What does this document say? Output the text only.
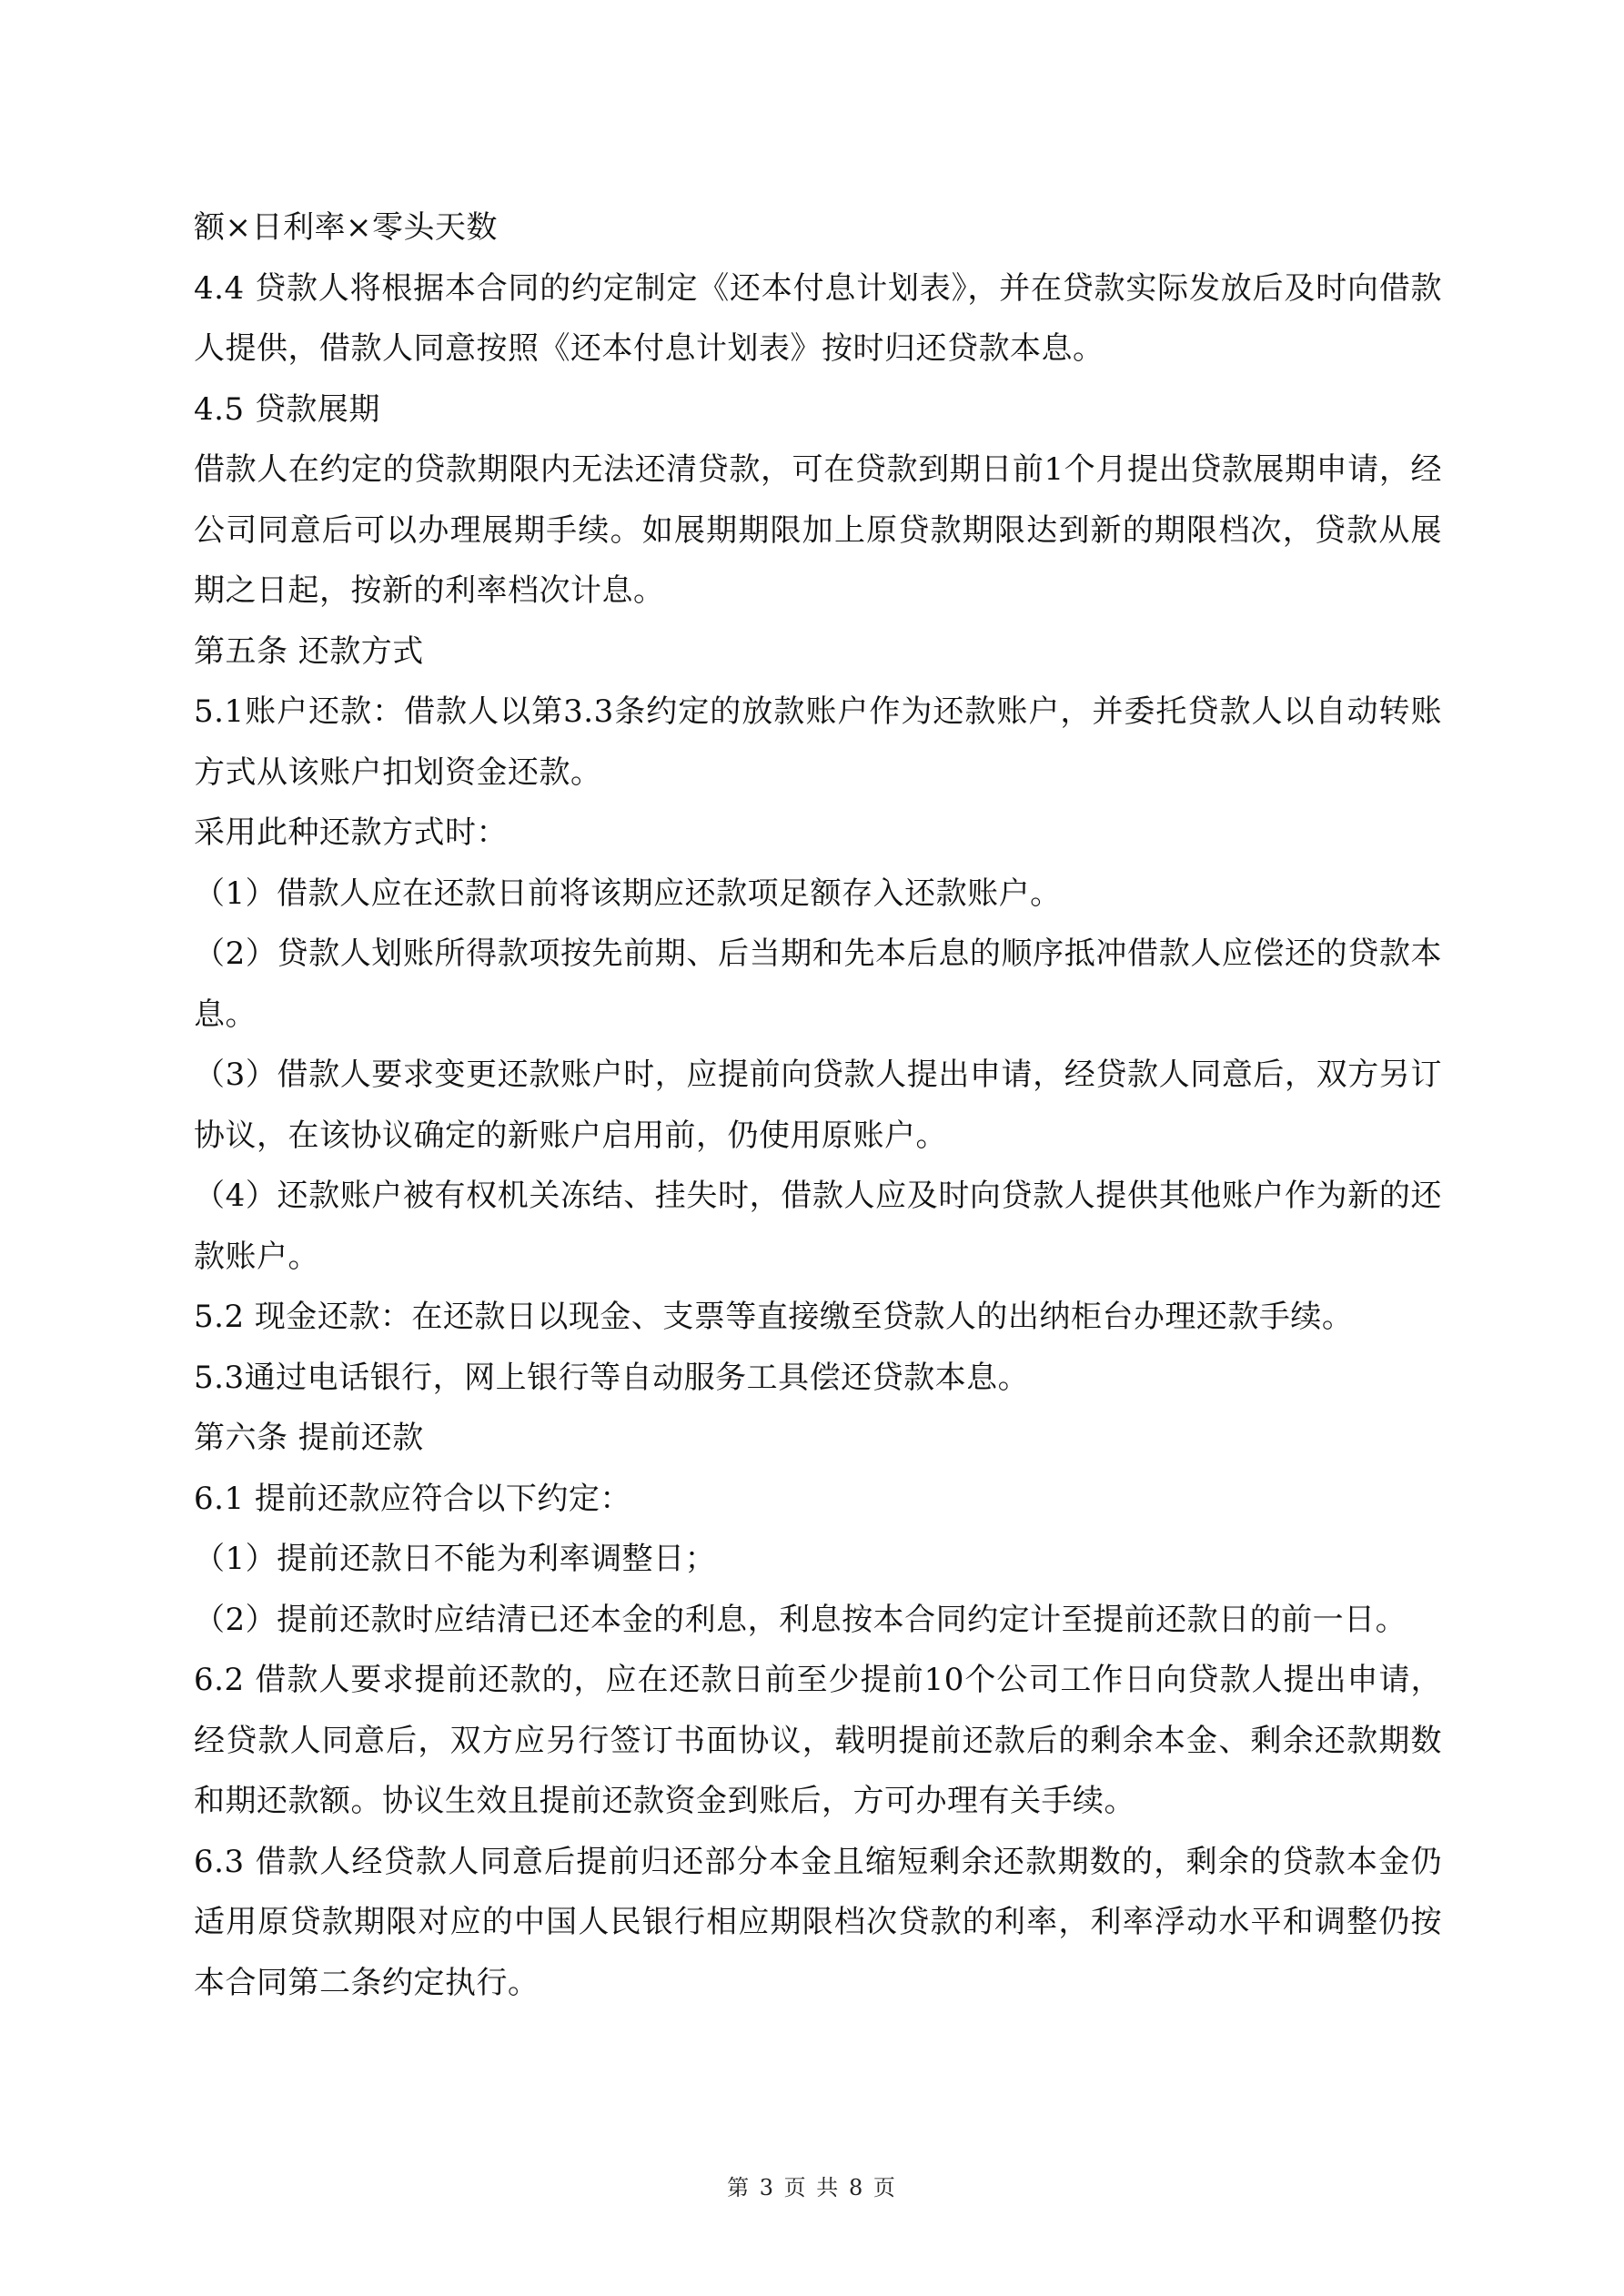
额×日利率×零头天数

4.4 贷款人将根据本合同的约定制定《还本付息计划表》，并在贷款实际发放后及时向借款人提供，借款人同意按照《还本付息计划表》按时归还贷款本息。

4.5 贷款展期

借款人在约定的贷款期限内无法还清贷款，可在贷款到期日前1个月提出贷款展期申请，经公司同意后可以办理展期手续。如展期期限加上原贷款期限达到新的期限档次，贷款从展期之日起，按新的利率档次计息。

第五条 还款方式

5.1账户还款：借款人以第3.3条约定的放款账户作为还款账户，并委托贷款人以自动转账方式从该账户扣划资金还款。

采用此种还款方式时：

（1）借款人应在还款日前将该期应还款项足额存入还款账户。

（2）贷款人划账所得款项按先前期、后当期和先本后息的顺序抵冲借款人应偿还的贷款本息。

（3）借款人要求变更还款账户时，应提前向贷款人提出申请，经贷款人同意后，双方另订协议，在该协议确定的新账户启用前，仍使用原账户。

（4）还款账户被有权机关冻结、挂失时，借款人应及时向贷款人提供其他账户作为新的还款账户。

5.2 现金还款：在还款日以现金、支票等直接缴至贷款人的出纳柜台办理还款手续。

5.3通过电话银行，网上银行等自动服务工具偿还贷款本息。

第六条 提前还款

6.1 提前还款应符合以下约定：

（1）提前还款日不能为利率调整日；

（2）提前还款时应结清已还本金的利息，利息按本合同约定计至提前还款日的前一日。

6.2 借款人要求提前还款的，应在还款日前至少提前10个公司工作日向贷款人提出申请，经贷款人同意后，双方应另行签订书面协议，载明提前还款后的剩余本金、剩余还款期数和期还款额。协议生效且提前还款资金到账后，方可办理有关手续。

6.3 借款人经贷款人同意后提前归还部分本金且缩短剩余还款期数的，剩余的贷款本金仍适用原贷款期限对应的中国人民银行相应期限档次贷款的利率，利率浮动水平和调整仍按本合同第二条约定执行。

第 3 页 共 8 页
